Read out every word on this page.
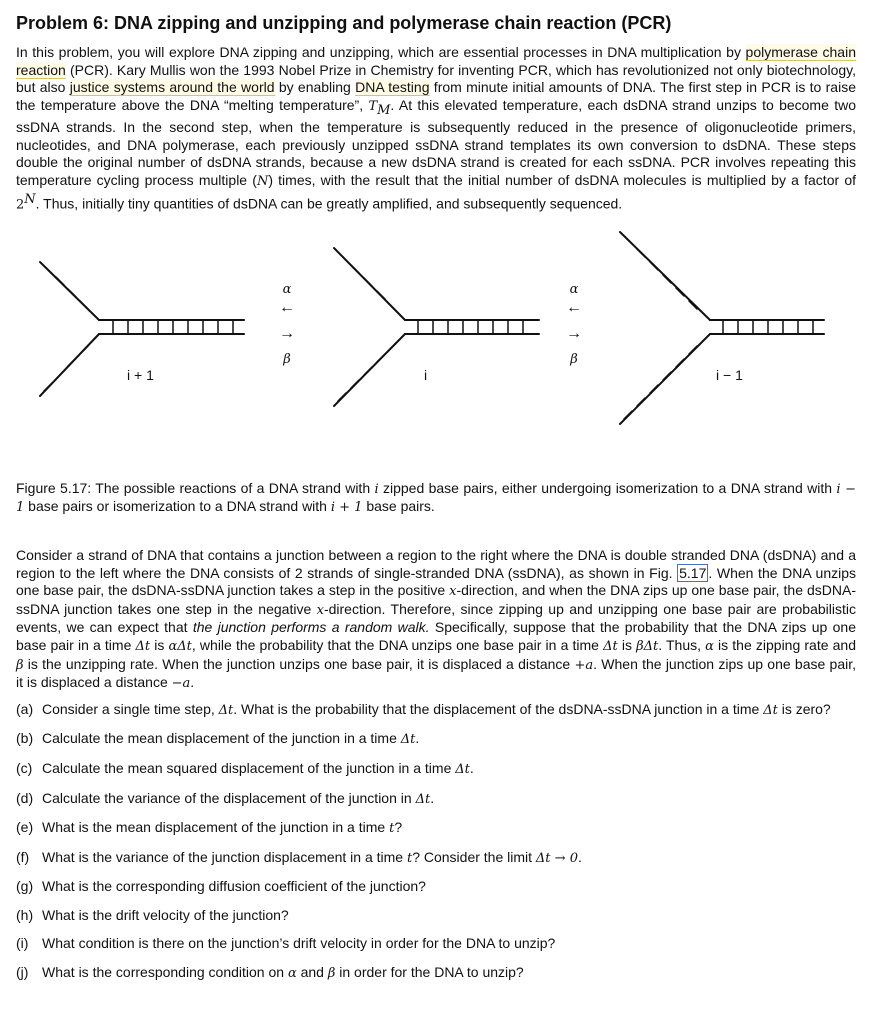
Problem 6: DNA zipping and unzipping and polymerase chain reaction (PCR)

In this problem, you will explore DNA zipping and unzipping, which are essential processes in DNA multiplication by polymerase chain reaction (PCR). Kary Mullis won the 1993 Nobel Prize in Chemistry for inventing PCR, which has revolutionized not only biotechnology, but also justice systems around the world by enabling DNA testing from minute initial amounts of DNA. The first step in PCR is to raise the temperature above the DNA “melting temperature”, $T_M$. At this elevated temperature, each dsDNA strand unzips to become two ssDNA strands. In the second step, when the temperature is subsequently reduced in the presence of oligonucleotide primers, nucleotides, and DNA polymerase, each previously unzipped ssDNA strand templates its own conversion to dsDNA. These steps double the original number of dsDNA strands, because a new dsDNA strand is created for each ssDNA. PCR involves repeating this temperature cycling process multiple (N) times, with the result that the initial number of dsDNA molecules is multiplied by a factor of $2^N$. Thus, initially tiny quantities of dsDNA can be greatly amplified, and subsequently sequenced.

α
←
→
β
α
←
→
β
i + 1	i	i − 1

Figure 5.17: The possible reactions of a DNA strand with i zipped base pairs, either undergoing isomerization to a DNA strand with i − 1 base pairs or isomerization to a DNA strand with i + 1 base pairs.

Consider a strand of DNA that contains a junction between a region to the right where the DNA is double stranded DNA (dsDNA) and a region to the left where the DNA consists of 2 strands of single-stranded DNA (ssDNA), as shown in Fig. 5.17 . When the DNA unzips one base pair, the dsDNA-ssDNA junction takes a step in the positive x-direction, and when the DNA zips up one base pair, the dsDNA-ssDNA junction takes one step in the negative x-direction. Therefore, since zipping up and unzipping one base pair are probabilistic events, we can expect that the junction performs a random walk. Specifically, suppose that the probability that the DNA zips up one base pair in a time Δt is αΔt, while the probability that the DNA unzips one base pair in a time Δt is βΔt. Thus, α is the zipping rate and β is the unzipping rate. When the junction unzips one base pair, it is displaced a distance +a. When the junction zips up one base pair, it is displaced a distance −a.

(a) Consider a single time step, Δt. What is the probability that the displacement of the dsDNA-ssDNA junction in a time Δt is zero?
(b) Calculate the mean displacement of the junction in a time Δt.
(c) Calculate the mean squared displacement of the junction in a time Δt.
(d) Calculate the variance of the displacement of the junction in Δt.
(e) What is the mean displacement of the junction in a time t?
(f) What is the variance of the junction displacement in a time t? Consider the limit Δt → 0.
(g) What is the corresponding diffusion coefficient of the junction?
(h) What is the drift velocity of the junction?
(i) What condition is there on the junction’s drift velocity in order for the DNA to unzip?
(j) What is the corresponding condition on α and β in order for the DNA to unzip?
